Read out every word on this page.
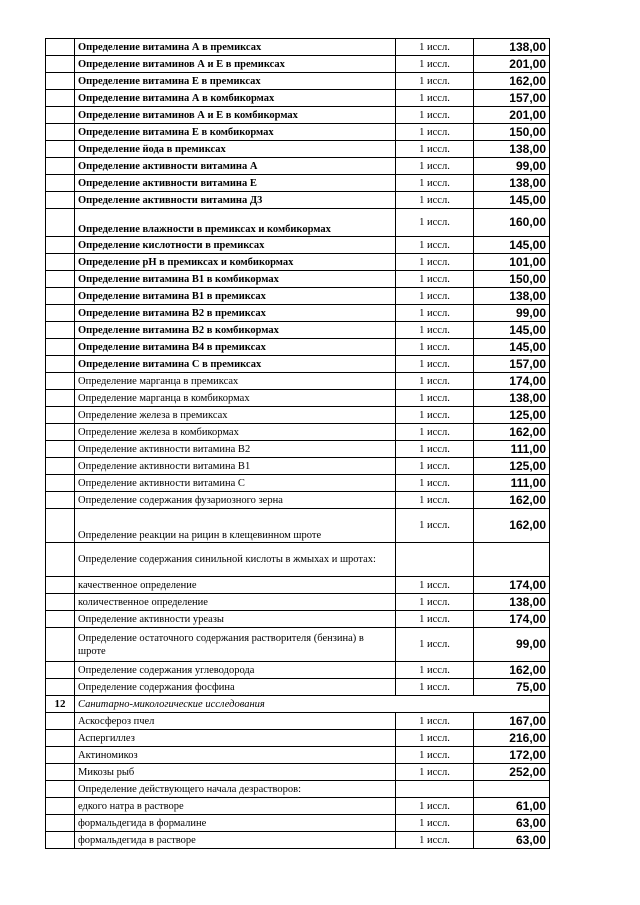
	Определение витамина А в премиксах	1 иссл.	138,00
	Определение витаминов А и Е в премиксах	1 иссл.	201,00
	Определение витамина Е в премиксах	1 иссл.	162,00
	Определение витамина А в комбикормах	1 иссл.	157,00
	Определение витаминов А и Е в комбикормах	1 иссл.	201,00
	Определение витамина Е в комбикормах	1 иссл.	150,00
	Определение йода в премиксах	1 иссл.	138,00
	Определение активности витамина А	1 иссл.	99,00
	Определение активности витамина Е	1 иссл.	138,00
	Определение активности витамина Д3	1 иссл.	145,00
	Определение влажности в премиксах и комбикормах	1 иссл.	160,00
	Определение кислотности в премиксах	1 иссл.	145,00
	Определение pH в премиксах и комбикормах	1 иссл.	101,00
	Определение витамина В1 в комбикормах	1 иссл.	150,00
	Определение витамина В1 в премиксах	1 иссл.	138,00
	Определение витамина В2 в премиксах	1 иссл.	99,00
	Определение витамина В2 в комбикормах	1 иссл.	145,00
	Определение витамина В4 в премиксах	1 иссл.	145,00
	Определение витамина С в премиксах	1 иссл.	157,00
	Определение марганца в премиксах	1 иссл.	174,00
	Определение марганца в комбикормах	1 иссл.	138,00
	Определение железа в премиксах	1 иссл.	125,00
	Определение железа в комбикормах	1 иссл.	162,00
	Определение активности витамина В2	1 иссл.	111,00
	Определение активности витамина В1	1 иссл.	125,00
	Определение активности витамина С	1 иссл.	111,00
	Определение содержания фузариозного зерна	1 иссл.	162,00
	Определение реакции на рицин в клещевинном шроте	1 иссл.	162,00
	Определение содержания синильной кислоты в жмыхах и шротах:		
	качественное определение	1 иссл.	174,00
	количественное определение	1 иссл.	138,00
	Определение активности уреазы	1 иссл.	174,00
	Определение остаточного содержания растворителя (бензина) в шроте	1 иссл.	99,00
	Определение содержания углеводорода	1 иссл.	162,00
	Определение содержания фосфина	1 иссл.	75,00
12	Санитарно-микологические исследования		
	Аскосфероз пчел	1 иссл.	167,00
	Аспергиллез	1 иссл.	216,00
	Актиномикоз	1 иссл.	172,00
	Микозы рыб	1 иссл.	252,00
	Определение действующего начала дезрастворов:		
	едкого натра в растворе	1 иссл.	61,00
	формальдегида в формалине	1 иссл.	63,00
	формальдегида в растворе	1 иссл.	63,00
